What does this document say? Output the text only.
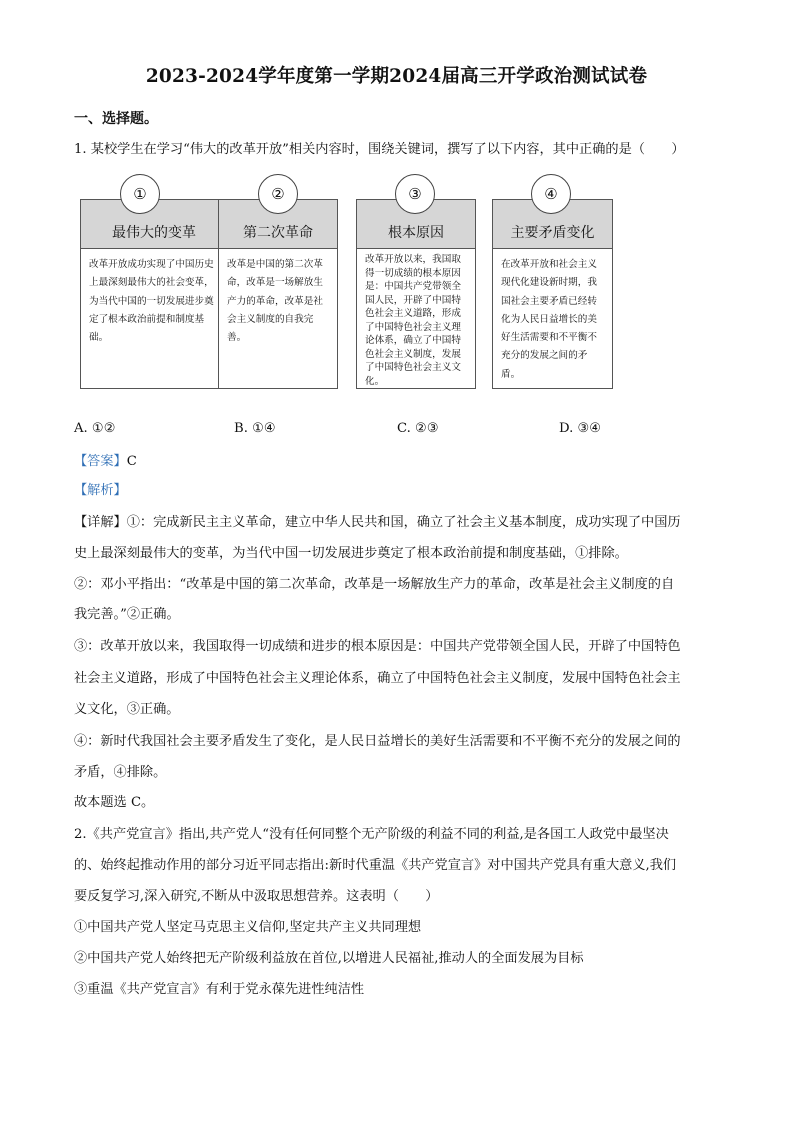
2023-2024学年度第一学期2024届高三开学政治测试试卷
一、选择题。
1. 某校学生在学习“伟大的改革开放”相关内容时，围绕关键词，撰写了以下内容，其中正确的是（　　）
最伟大的变革
改革开放成功实现了中国历史上最深刻最伟大的社会变革，为当代中国的一切发展进步奠定了根本政治前提和制度基础。
①
第二次革命
改革是中国的第二次革命，改革是一场解放生产力的革命，改革是社会主义制度的自我完善。
②
根本原因
改革开放以来，我国取得一切成绩的根本原因是：中国共产党带领全国人民，开辟了中国特色社会主义道路，形成了中国特色社会主义理论体系，确立了中国特色社会主义制度，发展了中国特色社会主义文化。
③
主要矛盾变化
在改革开放和社会主义现代化建设新时期，我国社会主要矛盾已经转化为人民日益增长的美好生活需要和不平衡不充分的发展之间的矛盾。
④
A. ①②	B. ①④	C. ②③	D. ③④
【答案】C
【解析】
【详解】①：完成新民主主义革命，建立中华人民共和国，确立了社会主义基本制度，成功实现了中国历
史上最深刻最伟大的变革，为当代中国一切发展进步奠定了根本政治前提和制度基础，①排除。
②：邓小平指出：“改革是中国的第二次革命，改革是一场解放生产力的革命，改革是社会主义制度的自
我完善。”②正确。
③：改革开放以来，我国取得一切成绩和进步的根本原因是：中国共产党带领全国人民，开辟了中国特色
社会主义道路，形成了中国特色社会主义理论体系，确立了中国特色社会主义制度，发展中国特色社会主
义文化，③正确。
④：新时代我国社会主要矛盾发生了变化，是人民日益增长的美好生活需要和不平衡不充分的发展之间的
矛盾，④排除。
故本题选 C。
2.《共产党宣言》指出,共产党人“没有任何同整个无产阶级的利益不同的利益,是各国工人政党中最坚决
的、始终起推动作用的部分习近平同志指出:新时代重温《共产党宣言》对中国共产党具有重大意义,我们
要反复学习,深入研究,不断从中汲取思想营养。这表明（　　）
①中国共产党人坚定马克思主义信仰,坚定共产主义共同理想
②中国共产党人始终把无产阶级利益放在首位,以增进人民福祉,推动人的全面发展为目标
③重温《共产党宣言》有利于党永葆先进性纯洁性
